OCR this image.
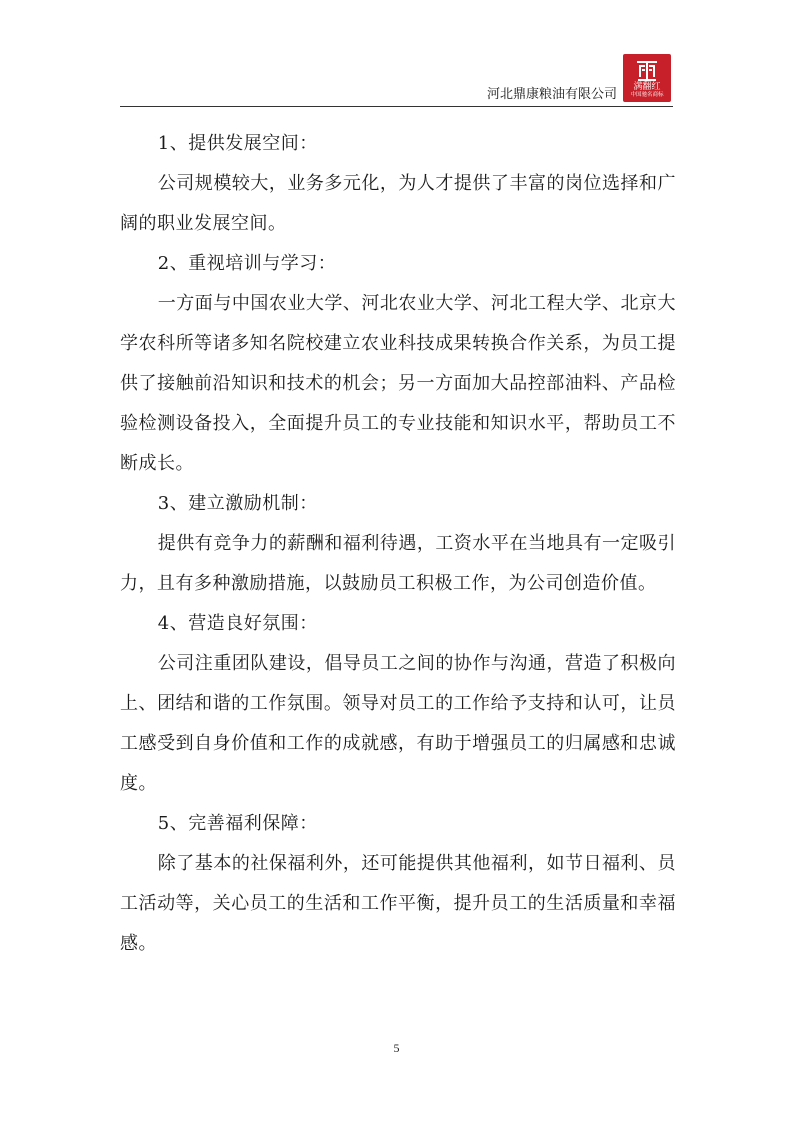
河北鼎康粮油有限公司	满翻红
中国驰名商标

1、提供发展空间：

公司规模较大，业务多元化，为人才提供了丰富的岗位选择和广阔的职业发展空间。

2、重视培训与学习：

一方面与中国农业大学、河北农业大学、河北工程大学、北京大学农科所等诸多知名院校建立农业科技成果转换合作关系，为员工提供了接触前沿知识和技术的机会；另一方面加大品控部油料、产品检验检测设备投入，全面提升员工的专业技能和知识水平，帮助员工不断成长。

3、建立激励机制：

提供有竞争力的薪酬和福利待遇，工资水平在当地具有一定吸引力，且有多种激励措施，以鼓励员工积极工作，为公司创造价值。

4、营造良好氛围：

公司注重团队建设，倡导员工之间的协作与沟通，营造了积极向上、团结和谐的工作氛围。领导对员工的工作给予支持和认可，让员工感受到自身价值和工作的成就感，有助于增强员工的归属感和忠诚度。

5、完善福利保障：

除了基本的社保福利外，还可能提供其他福利，如节日福利、员工活动等，关心员工的生活和工作平衡，提升员工的生活质量和幸福感。

5
